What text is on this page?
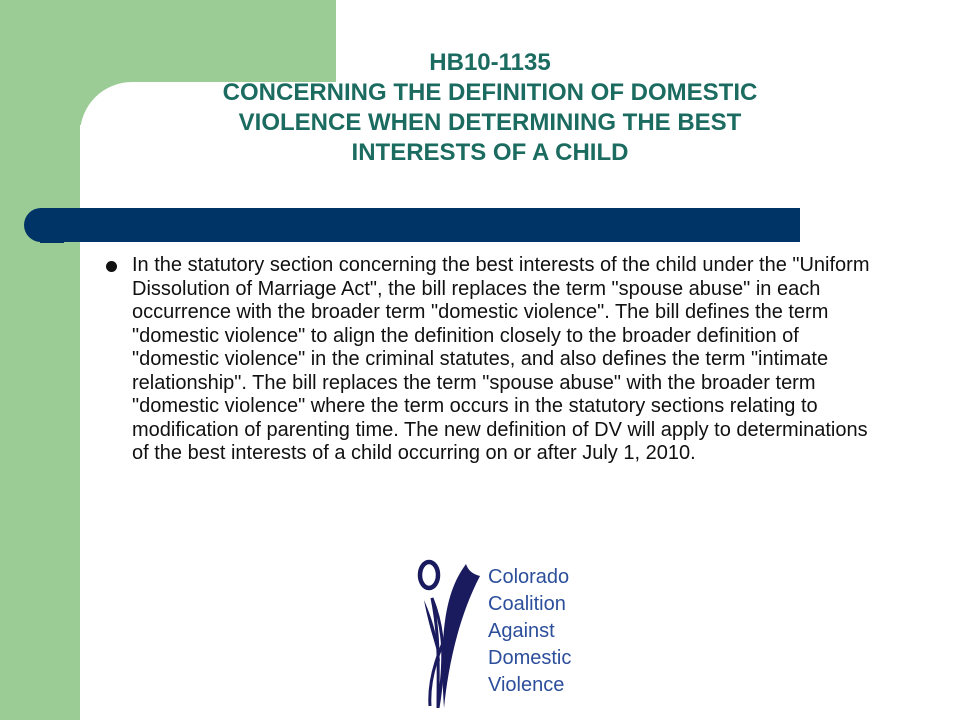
HB10-1135
CONCERNING THE DEFINITION OF DOMESTIC
VIOLENCE WHEN DETERMINING THE BEST
INTERESTS OF A CHILD
In the statutory section concerning the best interests of the child under the "Uniform Dissolution of Marriage Act", the bill replaces the term "spouse abuse" in each occurrence with the broader term "domestic violence". The bill defines the term "domestic violence" to align the definition closely to the broader definition of "domestic violence" in the criminal statutes, and also defines the term "intimate relationship". The bill replaces the term "spouse abuse" with the broader term "domestic violence" where the term occurs in the statutory sections relating to modification of parenting time. The new definition of DV will apply to determinations of the best interests of a child occurring on or after July 1, 2010.
Colorado
Coalition
Against
Domestic
Violence
